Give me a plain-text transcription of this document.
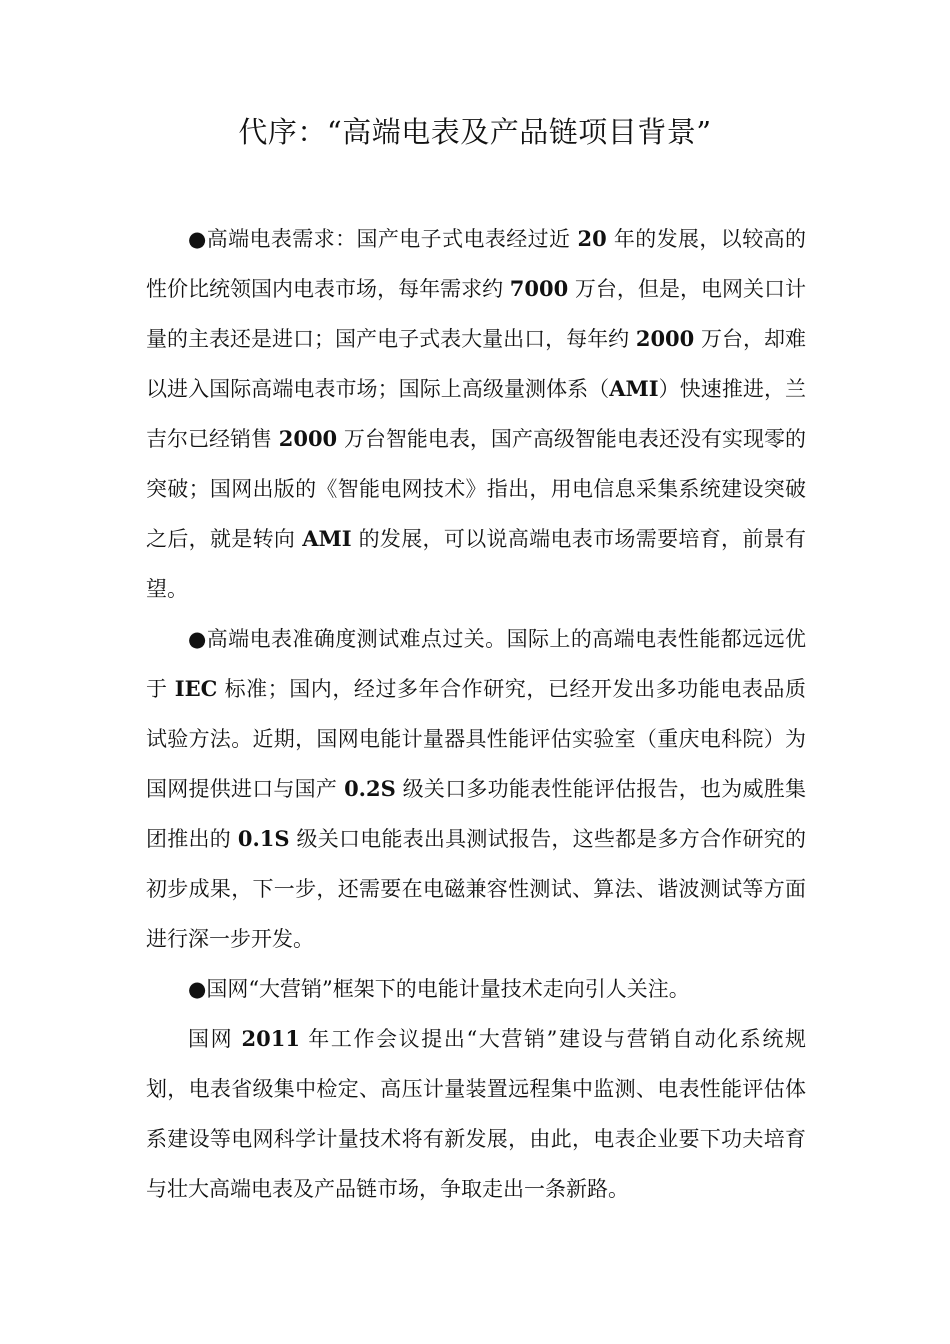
代序：“高端电表及产品链项目背景”

●高端电表需求：国产电子式电表经过近 20 年的发展，以较高的性价比统领国内电表市场，每年需求约 7000 万台，但是，电网关口计量的主表还是进口；国产电子式表大量出口，每年约 2000 万台，却难以进入国际高端电表市场；国际上高级量测体系（AMI）快速推进，兰吉尔已经销售 2000 万台智能电表，国产高级智能电表还没有实现零的突破；国网出版的《智能电网技术》指出，用电信息采集系统建设突破之后，就是转向 AMI 的发展，可以说高端电表市场需要培育，前景有望。

●高端电表准确度测试难点过关。国际上的高端电表性能都远远优于 IEC 标准；国内，经过多年合作研究，已经开发出多功能电表品质试验方法。近期，国网电能计量器具性能评估实验室（重庆电科院）为国网提供进口与国产 0.2S 级关口多功能表性能评估报告，也为威胜集团推出的 0.1S 级关口电能表出具测试报告，这些都是多方合作研究的初步成果，下一步，还需要在电磁兼容性测试、算法、谐波测试等方面进行深一步开发。

●国网“大营销”框架下的电能计量技术走向引人关注。

国网 2011 年工作会议提出“大营销”建设与营销自动化系统规划，电表省级集中检定、高压计量装置远程集中监测、电表性能评估体系建设等电网科学计量技术将有新发展，由此，电表企业要下功夫培育与壮大高端电表及产品链市场，争取走出一条新路。
